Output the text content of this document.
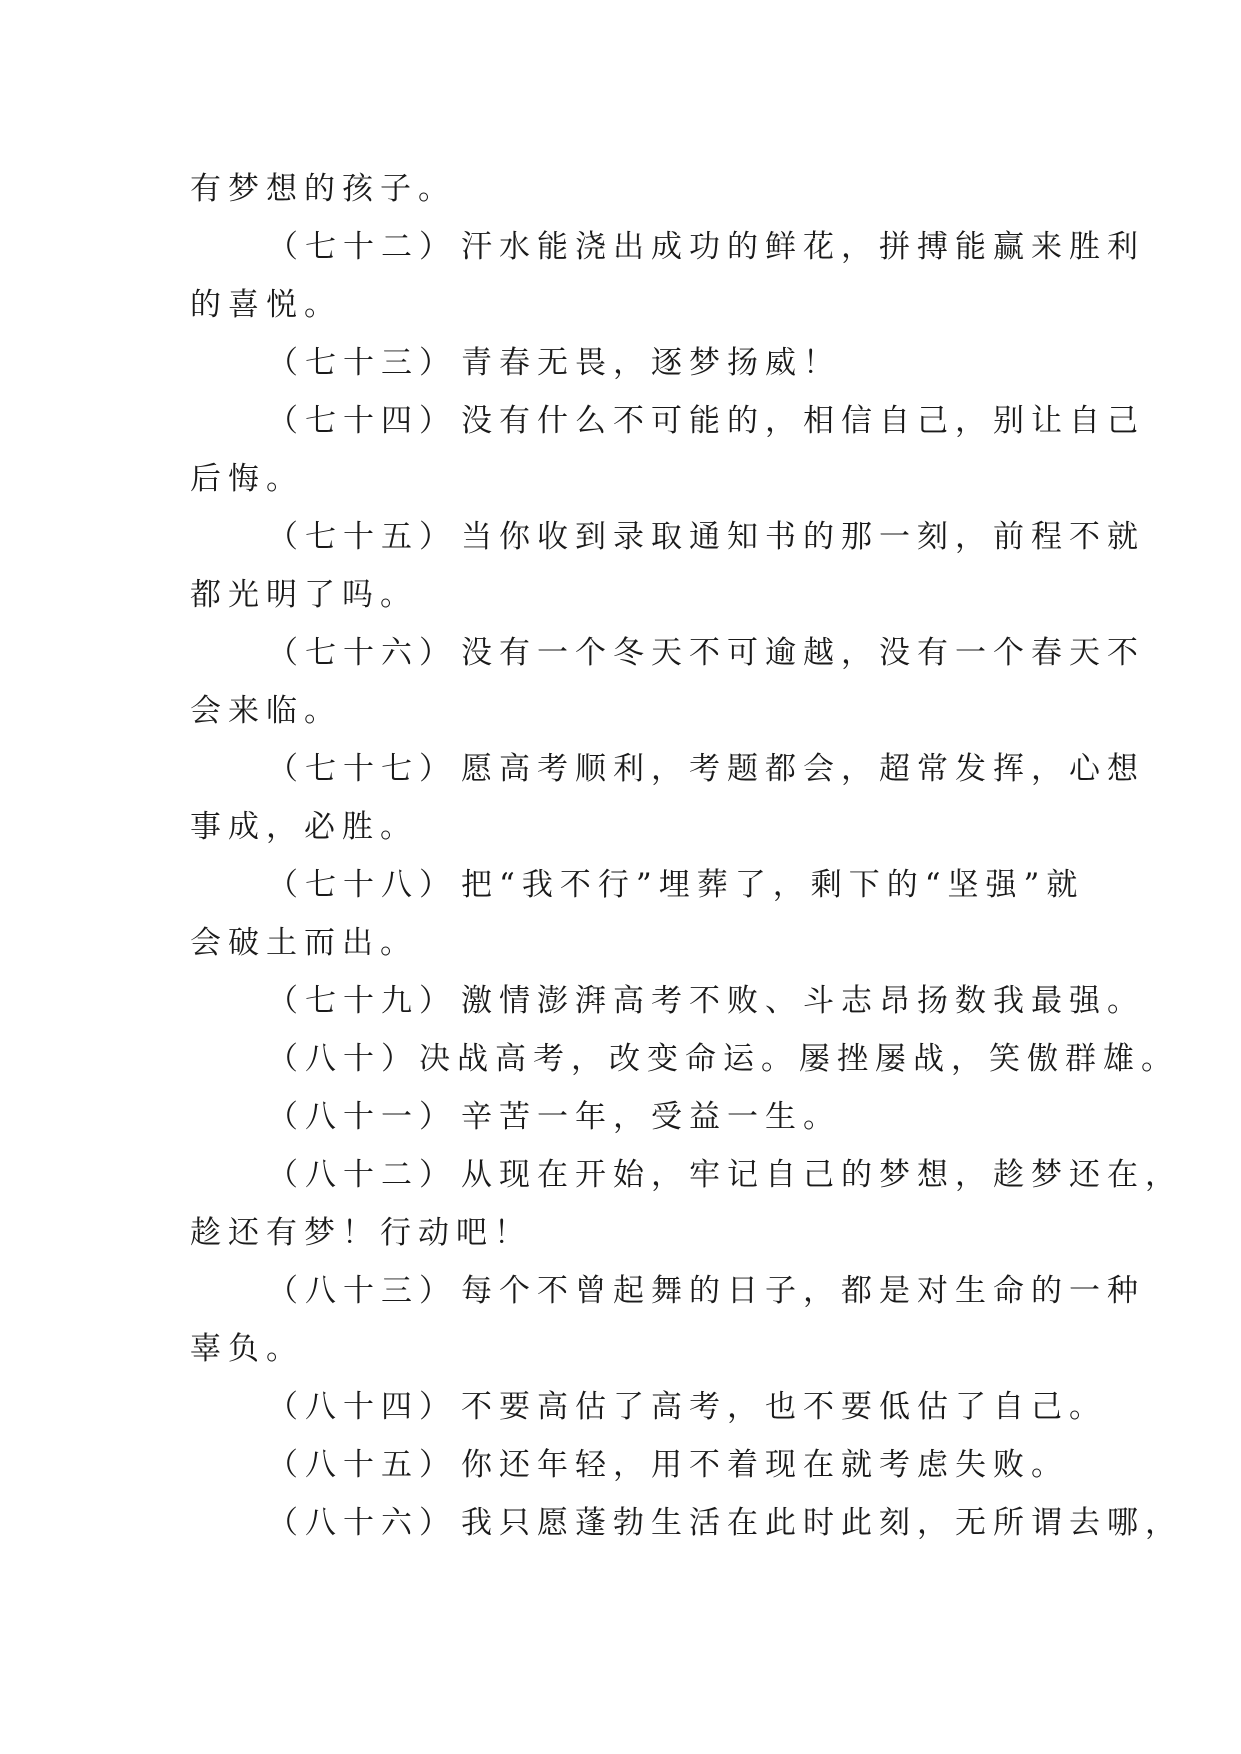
有梦想的孩子。
（七十二） 汗水能浇出成功的鲜花，拼搏能赢来胜利
的喜悦。
（七十三） 青春无畏，逐梦扬威！
（七十四） 没有什么不可能的，相信自己，别让自己
后悔。
（七十五） 当你收到录取通知书的那一刻，前程不就
都光明了吗。
（七十六） 没有一个冬天不可逾越，没有一个春天不
会来临。
（七十七） 愿高考顺利，考题都会，超常发挥，心想
事成，必胜。
（七十八） 把“我不行”埋葬了，剩下的“坚强”就
会破土而出。
（七十九） 激情澎湃高考不败、斗志昂扬数我最强。
（八十）决战高考，改变命运。屡挫屡战，笑傲群雄。
（八十一） 辛苦一年，受益一生。
（八十二） 从现在开始，牢记自己的梦想，趁梦还在，
趁还有梦！行动吧！
（八十三） 每个不曾起舞的日子，都是对生命的一种
辜负。
（八十四） 不要高估了高考，也不要低估了自己。
（八十五） 你还年轻，用不着现在就考虑失败。
（八十六） 我只愿蓬勃生活在此时此刻，无所谓去哪，
